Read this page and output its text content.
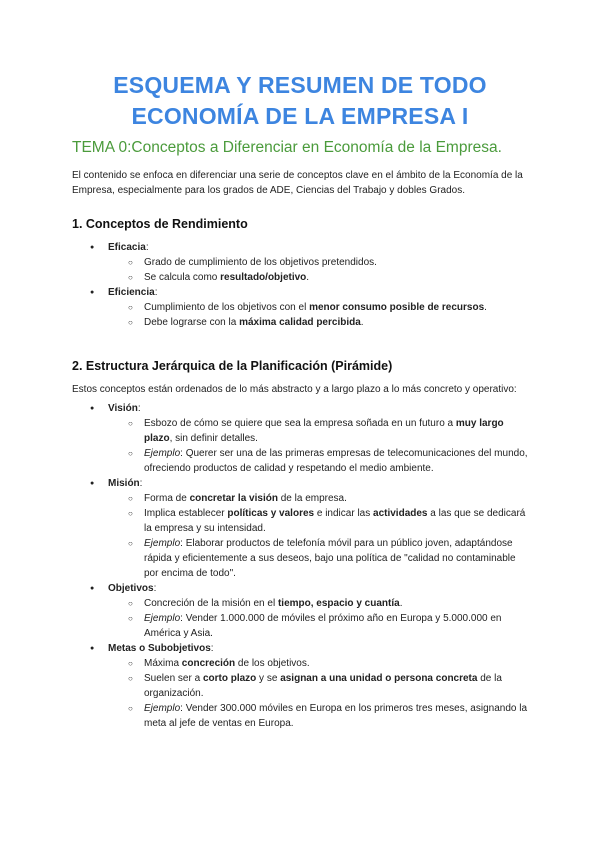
ESQUEMA Y RESUMEN DE TODO
ECONOMÍA DE LA EMPRESA I
TEMA 0:Conceptos a Diferenciar en Economía de la Empresa.

El contenido se enfoca en diferenciar una serie de conceptos clave en el ámbito de la Economía de la Empresa, especialmente para los grados de ADE, Ciencias del Trabajo y dobles Grados.

1. Conceptos de Rendimiento
● Eficacia:
○ Grado de cumplimiento de los objetivos pretendidos.
○ Se calcula como resultado/objetivo.
● Eficiencia:
○ Cumplimiento de los objetivos con el menor consumo posible de recursos.
○ Debe lograrse con la máxima calidad percibida.
2. Estructura Jerárquica de la Planificación (Pirámide)

Estos conceptos están ordenados de lo más abstracto y a largo plazo a lo más concreto y operativo:

● Visión:
○ Esbozo de cómo se quiere que sea la empresa soñada en un futuro a muy largo plazo, sin definir detalles.
○ Ejemplo: Querer ser una de las primeras empresas de telecomunicaciones del mundo, ofreciendo productos de calidad y respetando el medio ambiente.
● Misión:
○ Forma de concretar la visión de la empresa.
○ Implica establecer políticas y valores e indicar las actividades a las que se dedicará la empresa y su intensidad.
○ Ejemplo: Elaborar productos de telefonía móvil para un público joven, adaptándose rápida y eficientemente a sus deseos, bajo una política de "calidad no contaminable por encima de todo".
● Objetivos:
○ Concreción de la misión en el tiempo, espacio y cuantía.
○ Ejemplo: Vender 1.000.000 de móviles el próximo año en Europa y 5.000.000 en América y Asia.
● Metas o Subobjetivos:
○ Máxima concreción de los objetivos.
○ Suelen ser a corto plazo y se asignan a una unidad o persona concreta de la organización.
○ Ejemplo: Vender 300.000 móviles en Europa en los primeros tres meses, asignando la meta al jefe de ventas en Europa.
